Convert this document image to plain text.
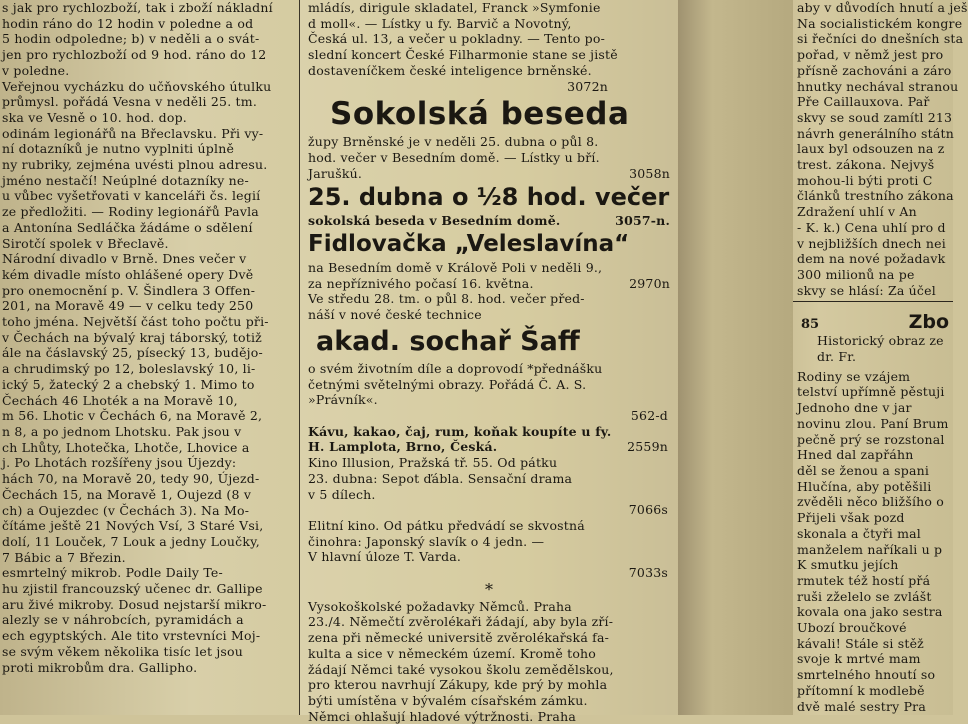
s jak pro rychlozboží, tak i zboží nákladní
hodin ráno do 12 hodin v poledne a od
5 hodin odpoledne; b) v neděli a o svát-
jen pro rychlozboží od 9 hod. ráno do 12
v poledne.
Veřejnou vycházku do učňovského útulku
průmysl. pořádá Vesna v neděli 25. tm.
ska ve Vesně o 10. hod. dop.
odinám legionářů na Břeclavsku. Při vy-
ní dotazníků je nutno vyplniti úplně
ny rubriky, zejména uvésti plnou adresu.
jméno nestačí! Neúplné dotazníky ne-
u vůbec vyšetřovati v kanceláři čs. legií
ze předložiti. — Rodiny legionářů Pavla
a Antonína Sedláčka žádáme o sdělení
Sirotčí spolek v Břeclavě.
Národní divadlo v Brně. Dnes večer v
kém divadle místo ohlášené opery Dvě
pro onemocnění p. V. Šindlera 3 Offen-
201, na Moravě 49 — v celku tedy 250
toho jména. Největší část toho počtu při-
v Čechách na bývalý kraj táborský, totiž
ále na čáslavský 25, písecký 13, budějo-
a chrudimský po 12, boleslavský 10, li-
ický 5, žatecký 2 a chebský 1. Mimo to
Čechách 46 Lhoték a na Moravě 10,
m 56. Lhotic v Čechách 6, na Moravě 2,
n 8, a po jednom Lhotsku. Pak jsou v
ch Lhůty, Lhotečka, Lhotče, Lhovice a
j. Po Lhotách rozšířeny jsou Újezdy:
hách 70, na Moravě 20, tedy 90, Újezd-
Čechách 15, na Moravě 1, Oujezd (8 v
ch) a Oujezdec (v Čechách 3). Na Mo-
čítáme ještě 21 Nových Vsí, 3 Staré Vsi,
dolí, 11 Louček, 7 Louk a jedny Loučky,
7 Bábic a 7 Březin.
esmrtelný mikrob. Podle Daily Te-
hu zjistil francouzský učenec dr. Gallipe
aru živé mikroby. Dosud nejstarší mikro-
alezly se v náhrobcích, pyramidách a
ech egyptských. Ale tito vrstevníci Moj-
se svým věkem několika tisíc let jsou
proti mikrobům dra. Gallipho.
mládís, dirigule skladatel, Franck »Symfonie
d moll«. — Lístky u fy. Barvič a Novotný,
Česká ul. 13, a večer u pokladny. — Tento po-
slední koncert České Filharmonie stane se jistě
dostaveníčkem české inteligence brněnské.
3072n
Sokolská beseda
župy Brněnské je v neděli 25. dubna o půl 8.
hod. večer v Besedním domě. — Lístky u bří.
Jaruškú.	3058n
25. dubna o ½8 hod. večer
sokolská beseda v Besedním domě.	3057-n.
Fidlovačka „Veleslavína“
na Besedním domě v Králově Poli v neděli 9.,
za nepříznivého počasí 16. května.	2970n
Ve středu 28. tm. o půl 8. hod. večer před-
náší v nové české technice
akad. sochař Šaff
o svém životním díle a doprovodí *přednášku
četnými světelnými obrazy. Pořádá Č. A. S.
»Právník«.
562-d
Kávu, kakao, čaj, rum, koňak koupíte u fy.
H. Lamplota, Brno, Česká.	2559n
Kino Illusion, Pražská tř. 55. Od pátku
23. dubna: Sepot ďábla. Sensační drama
v 5 dílech.
7066s
Elitní kino. Od pátku předvádí se skvostná
činohra: Japonský slavík o 4 jedn. —
V hlavní úloze T. Varda.
7033s
*
Vysokoškolské požadavky Němců. Praha
23./4. Němečtí zvěrolékaři žádají, aby byla zří-
zena při německé universitě zvěrolékařská fa-
kulta a sice v německém území. Kromě toho
žádají Němci také vysokou školu zemědělskou,
pro kterou navrhují Zákupy, kde prý by mohla
býti umístěna v bývalém císařském zámku.
Němci ohlašují hladové výtržnosti. Praha
aby v důvodích hnutí a ješ
Na socialistickém kongre
si řečníci do dnešních sta
pořad, v němž jest pro
přísně zachováni a záro
hnutky nechával stranou
Pře Caillauxova. Pař
skvy se soud zamítl 213
návrh generálního státn
laux byl odsouzen na z
trest. zákona. Nejvyš
mohou-li býti proti C
článků trestního zákona
Zdražení uhlí v An
- K. k.) Cena uhlí pro d
v nejbližších dnech nei
dem na nové požadavk
300 milionů na pe
skvy se hlásí: Za účel
85	Zbo
Historický obraz ze
dr. Fr.
Rodiny se vzájem
telství upřímně pěstuji
Jednoho dne v jar
novinu zlou. Paní Brum
pečně prý se rozstonal
Hned dal zapřáhn
děl se ženou a spani
Hlučína, aby potěšili
zvěděli něco bližšího o
Přijeli však pozd
skonala a čtyři mal
manželem naříkali u p
K smutku jejích
rmutek též hostí přá
ruši zželelo se zvlášt
kovala ona jako sestra
Ubozí broučkové
kávali! Stále si stěž
svoje k mrtvé mam
smrtelného hnoutí so
přítomní k modlebě
dvě malé sestry Pra
